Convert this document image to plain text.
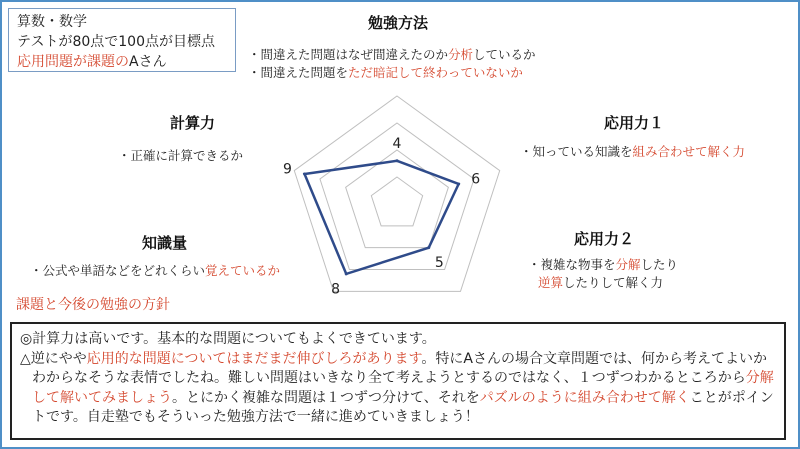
算数・数学
テストが80点で100点が目標点
応用問題が課題のAさん
勉強方法
応用力１
応用力２
知識量
計算力
・間違えた問題はなぜ間違えたのか分析しているか
・間違えた問題をただ暗記して終わっていないか
・知っている知識を組み合わせて解く力
・複雑な物事を分解したり
逆算したりして解く力
・公式や単語などをどれくらい覚えているか
・正確に計算できるか
4
6
5
8
9
課題と今後の勉強の方針
◎計算力は高いです。基本的な問題についてもよくできています。
△逆にやや応用的な問題についてはまだまだ伸びしろがあります。特にAさんの場合文章問題では、何から考えてよいかわからなそうな表情でしたね。難しい問題はいきなり全て考えようとするのではなく、１つずつわかるところから分解して解いてみましょう。とにかく複雑な問題は１つずつ分けて、それをパズルのように組み合わせて解くことがポイントです。自走塾でもそういった勉強方法で一緒に進めていきましょう！
